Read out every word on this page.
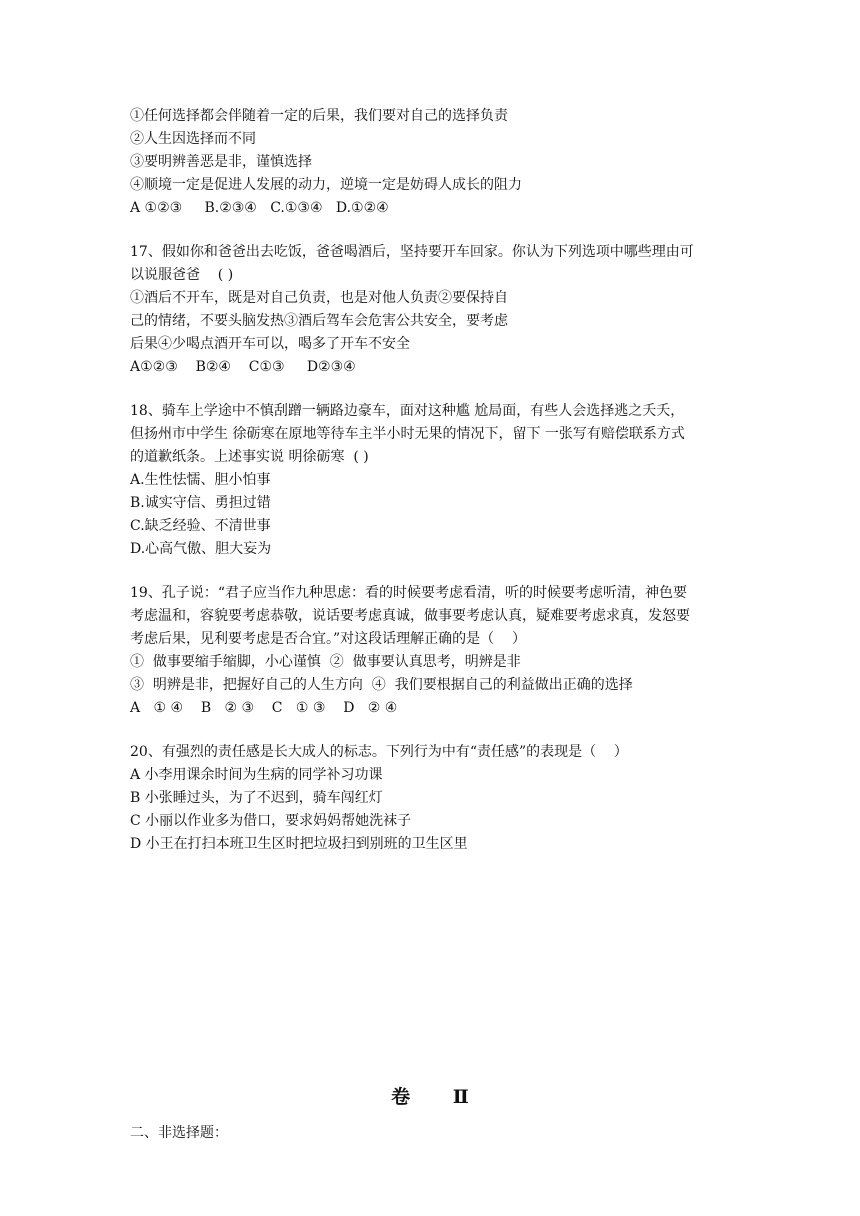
①任何选择都会伴随着一定的后果，我们要对自己的选择负责

②人生因选择而不同

③要明辨善恶是非，谨慎选择

④顺境一定是促进人发展的动力，逆境一定是妨碍人成长的阻力

A ①②③     B.②③④   C.①③④   D.①②④

17、假如你和爸爸出去吃饭，爸爸喝酒后，坚持要开车回家。你认为下列选项中哪些理由可

以说服爸爸    ( )

①酒后不开车，既是对自己负责，也是对他人负责②要保持自

己的情绪，不要头脑发热③酒后驾车会危害公共安全，要考虑

后果④少喝点酒开车可以，喝多了开车不安全

A①②③    B②④    C①③     D②③④

18、骑车上学途中不慎刮蹭一辆路边豪车，面对这种尴 尬局面，有些人会选择逃之夭夭，

但扬州市中学生 徐砺寒在原地等待车主半小时无果的情况下，留下 一张写有赔偿联系方式

的道歉纸条。上述事实说 明徐砺寒  ( )

A.生性怯懦、胆小怕事

B.诚实守信、勇担过错

C.缺乏经验、不清世事

D.心高气傲、胆大妄为

19、孔子说：“君子应当作九种思虑：看的时候要考虑看清，听的时候要考虑听清，神色要

考虑温和，容貌要考虑恭敬，说话要考虑真诚，做事要考虑认真，疑难要考虑求真，发怒要

考虑后果，见利要考虑是否合宜。”对这段话理解正确的是（    ）

①  做事要缩手缩脚，小心谨慎  ②  做事要认真思考，明辨是非

③  明辨是非，把握好自己的人生方向  ④  我们要根据自己的利益做出正确的选择

A   ① ④    B   ② ③    C   ① ③    D   ② ④

20、有强烈的责任感是长大成人的标志。下列行为中有“责任感”的表现是（    ）

A 小李用课余时间为生病的同学补习功课

B 小张睡过头，为了不迟到，骑车闯红灯

C 小丽以作业多为借口，要求妈妈帮她洗袜子

D 小王在打扫本班卫生区时把垃圾扫到别班的卫生区里

卷 Ⅱ

二、非选择题：
